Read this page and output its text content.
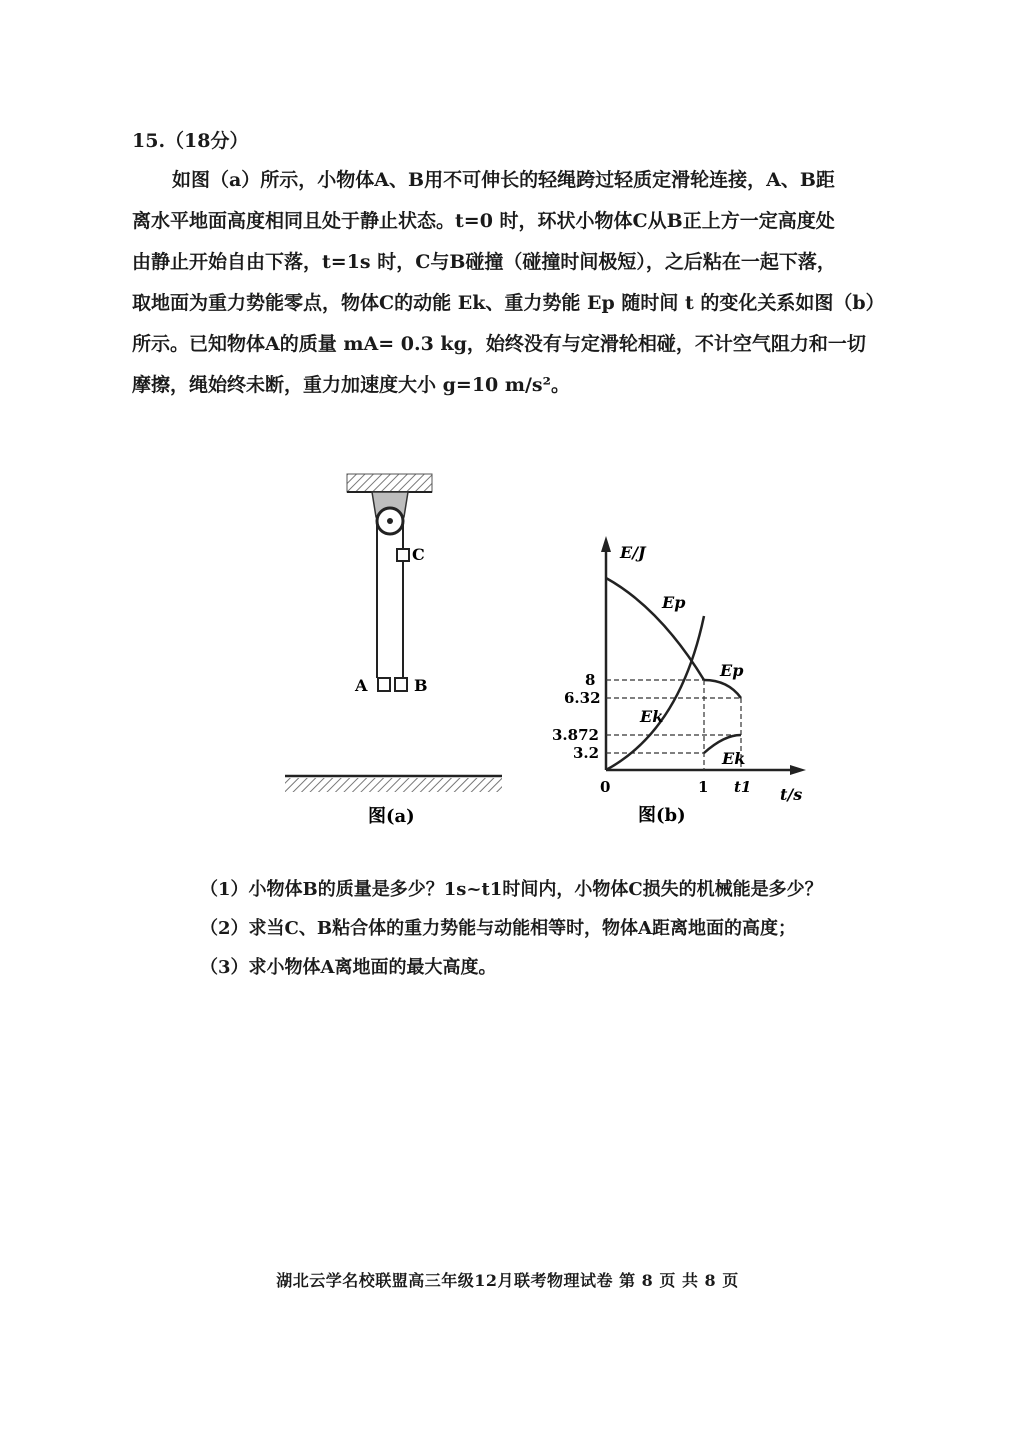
15.（18分）

如图（a）所示，小物体A、B用不可伸长的轻绳跨过轻质定滑轮连接，A、B距

离水平地面高度相同且处于静止状态。t=0 时，环状小物体C从B正上方一定高度处

由静止开始自由下落，t=1s 时，C与B碰撞（碰撞时间极短），之后粘在一起下落，

取地面为重力势能零点，物体C的动能 Ek、重力势能 Ep 随时间 t 的变化关系如图（b）

所示。已知物体A的质量 mA= 0.3 kg，始终没有与定滑轮相碰，不计空气阻力和一切

摩擦，绳始终未断，重力加速度大小 g=10 m/s²。

C
A	B
图(a)
E/J
t/s
0	1 t1
8
6.32
3.872
3.2
Ep
Ek
Ep
Ek
图(b)
（1）小物体B的质量是多少？1s~t1时间内，小物体C损失的机械能是多少？
（2）求当C、B粘合体的重力势能与动能相等时，物体A距离地面的高度；
（3）求小物体A离地面的最大高度。
湖北云学名校联盟高三年级12月联考物理试卷 第 8 页 共 8 页
